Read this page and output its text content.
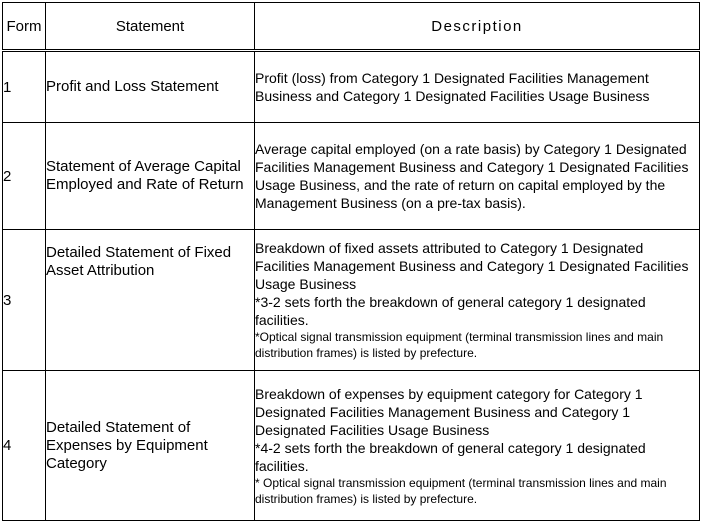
Form	Statement	Description
1	Profit and Loss Statement	Profit (loss) from Category 1 Designated Facilities Management Business and Category 1 Designated Facilities Usage Business
2	Statement of Average Capital Employed and Rate of Return	Average capital employed (on a rate basis) by Category 1 Designated Facilities Management Business and Category 1 Designated Facilities Usage Business, and the rate of return on capital employed by the Management Business (on a pre-tax basis).
3	Detailed Statement of Fixed Asset Attribution	Breakdown of fixed assets attributed to Category 1 Designated Facilities Management Business and Category 1 Designated Facilities Usage Business
*3-2 sets forth the breakdown of general category 1 designated facilities.
*Optical signal transmission equipment (terminal transmission lines and main distribution frames) is listed by prefecture.

4	Detailed Statement of Expenses by Equipment Category	Breakdown of expenses by equipment category for Category 1 Designated Facilities Management Business and Category 1 Designated Facilities Usage Business
*4-2 sets forth the breakdown of general category 1 designated facilities.
* Optical signal transmission equipment (terminal transmission lines and main distribution frames) is listed by prefecture.
